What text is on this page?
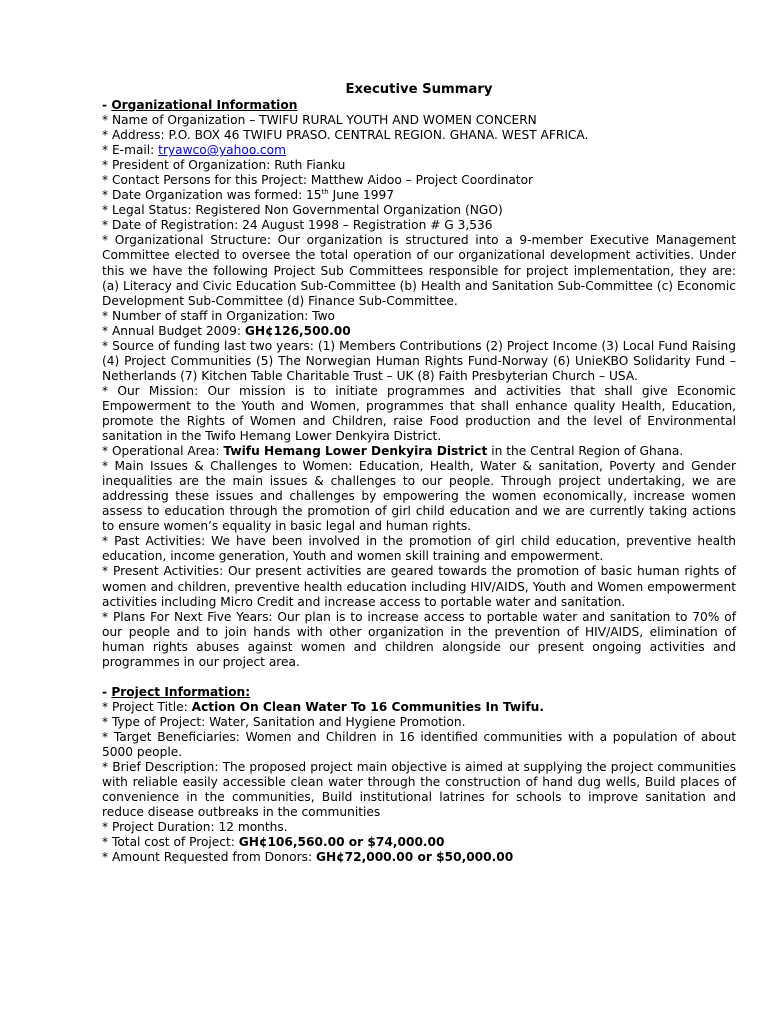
Executive Summary

- Organizational Information

* Name of Organization – TWIFU RURAL YOUTH AND WOMEN CONCERN

* Address: P.O. BOX 46 TWIFU PRASO. CENTRAL REGION. GHANA. WEST AFRICA.

* E-mail: tryawco@yahoo.com

* President of Organization: Ruth Fianku

* Contact Persons for this Project: Matthew Aidoo – Project Coordinator

* Date Organization was formed: 15th June 1997

* Legal Status: Registered Non Governmental Organization (NGO)

* Date of Registration: 24 August 1998 – Registration # G 3,536

* Organizational Structure: Our organization is structured into a 9-member Executive Management Committee elected to oversee the total operation of our organizational development activities. Under this we have the following Project Sub Committees responsible for project implementation, they are: (a) Literacy and Civic Education Sub-Committee (b) Health and Sanitation Sub-Committee (c) Economic Development Sub-Committee (d) Finance Sub-Committee.

* Number of staff in Organization: Two

* Annual Budget 2009: GH¢126,500.00

* Source of funding last two years: (1) Members Contributions (2) Project Income (3) Local Fund Raising (4) Project Communities (5) The Norwegian Human Rights Fund-Norway (6) UnieKBO Solidarity Fund – Netherlands (7) Kitchen Table Charitable Trust – UK (8) Faith Presbyterian Church – USA.

* Our Mission: Our mission is to initiate programmes and activities that shall give Economic Empowerment to the Youth and Women, programmes that shall enhance quality Health, Education, promote the Rights of Women and Children, raise Food production and the level of Environmental sanitation in the Twifo Hemang Lower Denkyira District.

* Operational Area: Twifu Hemang Lower Denkyira District in the Central Region of Ghana.

* Main Issues & Challenges to Women: Education, Health, Water & sanitation, Poverty and Gender inequalities are the main issues & challenges to our people. Through project undertaking, we are addressing these issues and challenges by empowering the women economically, increase women assess to education through the promotion of girl child education and we are currently taking actions to ensure women’s equality in basic legal and human rights.

* Past Activities: We have been involved in the promotion of girl child education, preventive health education, income generation, Youth and women skill training and empowerment.

* Present Activities: Our present activities are geared towards the promotion of basic human rights of women and children, preventive health education including HIV/AIDS, Youth and Women empowerment activities including Micro Credit and increase access to portable water and sanitation.

* Plans For Next Five Years: Our plan is to increase access to portable water and sanitation to 70% of our people and to join hands with other organization in the prevention of HIV/AIDS, elimination of human rights abuses against women and children alongside our present ongoing activities and programmes in our project area.

- Project Information:

* Project Title: Action On Clean Water To 16 Communities In Twifu.

* Type of Project: Water, Sanitation and Hygiene Promotion.

* Target Beneficiaries: Women and Children in 16 identified communities with a population of about 5000 people.

* Brief Description: The proposed project main objective is aimed at supplying the project communities with reliable easily accessible clean water through the construction of hand dug wells, Build places of convenience in the communities, Build institutional latrines for schools to improve sanitation and reduce disease outbreaks in the communities

* Project Duration: 12 months.

* Total cost of Project: GH¢106,560.00 or $74,000.00

* Amount Requested from Donors: GH¢72,000.00 or $50,000.00
